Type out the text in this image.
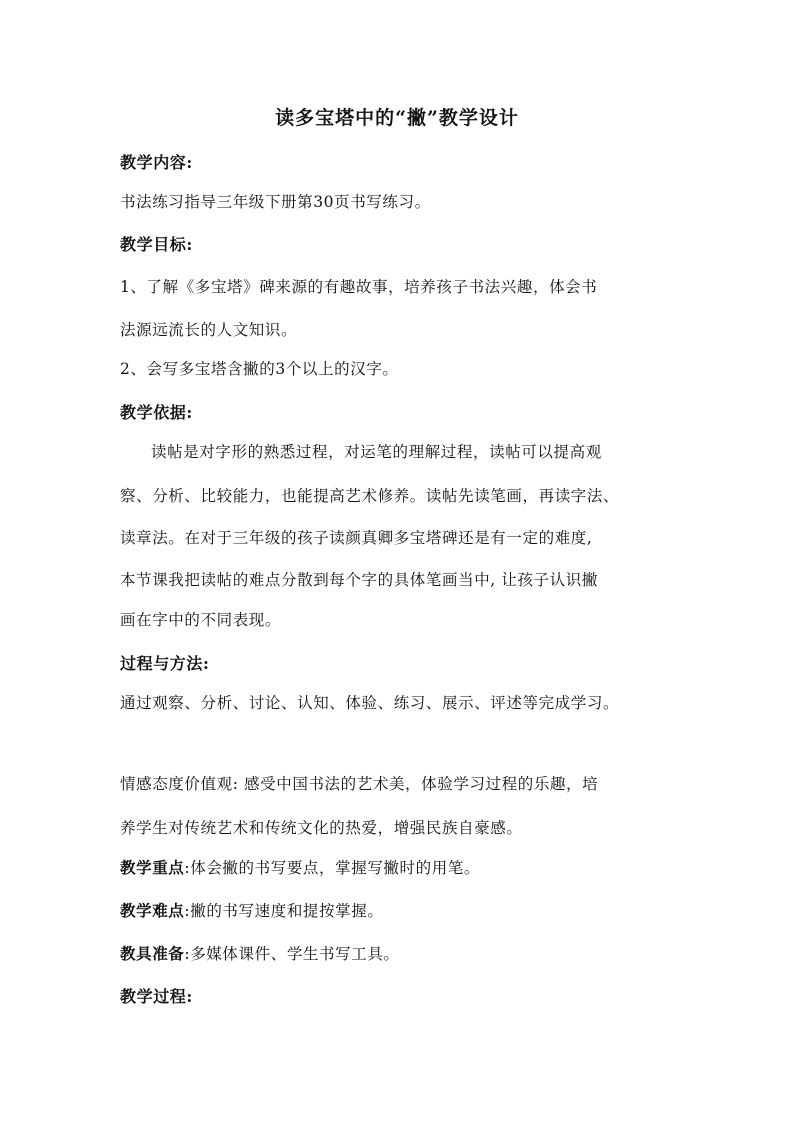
读多宝塔中的“撇”教学设计
教学内容:
书法练习指导三年级下册第30页书写练习。
教学目标:
1、了解《多宝塔》碑来源的有趣故事，培养孩子书法兴趣，体会书
法源远流长的人文知识。
2、会写多宝塔含撇的3个以上的汉字。
教学依据:
读帖是对字形的熟悉过程，对运笔的理解过程，读帖可以提高观
察、分析、比较能力，也能提高艺术修养。读帖先读笔画，再读字法、
读章法。在对于三年级的孩子读颜真卿多宝塔碑还是有一定的难度,
本节课我把读帖的难点分散到每个字的具体笔画当中, 让孩子认识撇
画在字中的不同表现。
过程与方法:
通过观察、分析、讨论、认知、体验、练习、展示、评述等完成学习。
情感态度价值观: 感受中国书法的艺术美，体验学习过程的乐趣，培
养学生对传统艺术和传统文化的热爱，增强民族自豪感。
教学重点:体会撇的书写要点，掌握写撇时的用笔。
教学难点:撇的书写速度和提按掌握。
教具准备:多媒体课件、学生书写工具。
教学过程:
